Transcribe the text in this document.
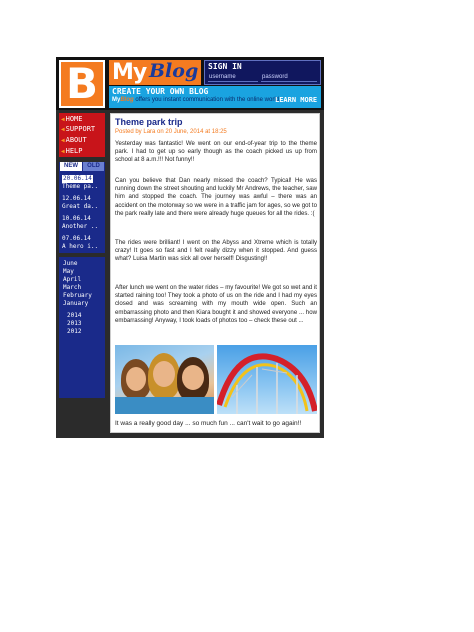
B My Blog SIGN IN
username	password
CREATE YOUR OWN BLOG
MyBlog offers you instant communication with the online world.
LEARN MORE
◀HOME
◀SUPPORT
◀ABOUT
◀HELP
NEW	OLD
20.06.14
Theme pa..
12.06.14
Great da..
10.06.14
Another ..
07.06.14
A hero i..
June
May
April
March
February
January
2014
2013
2012
Theme park trip
Posted by Lara on 20 June, 2014 at 18:25
Yesterday was fantastic! We went on our end-of-year trip to the theme park. I had to get up so early though as the coach picked us up from school at 8 a.m.!!! Not funny!!
Can you believe that Dan nearly missed the coach? Typical! He was running down the street shouting and luckily Mr Andrews, the teacher, saw him and stopped the coach. The journey was awful – there was an accident on the motorway so we were in a traffic jam for ages, so we got to the park really late and there were already huge queues for all the rides. :(
The rides were brilliant! I went on the Abyss and Xtreme which is totally crazy! It goes so fast and I felt really dizzy when it stopped. And guess what? Luisa Martin was sick all over herself! Disgusting!!
After lunch we went on the water rides – my favourite! We got so wet and it started raining too! They took a photo of us on the ride and I had my eyes closed and was screaming with my mouth wide open. Such an embarrassing photo and then Kiara bought it and showed everyone ... how embarrassing! Anyway, I took loads of photos too – check these out ...
It was a really good day ... so much fun ... can't wait to go again!!
